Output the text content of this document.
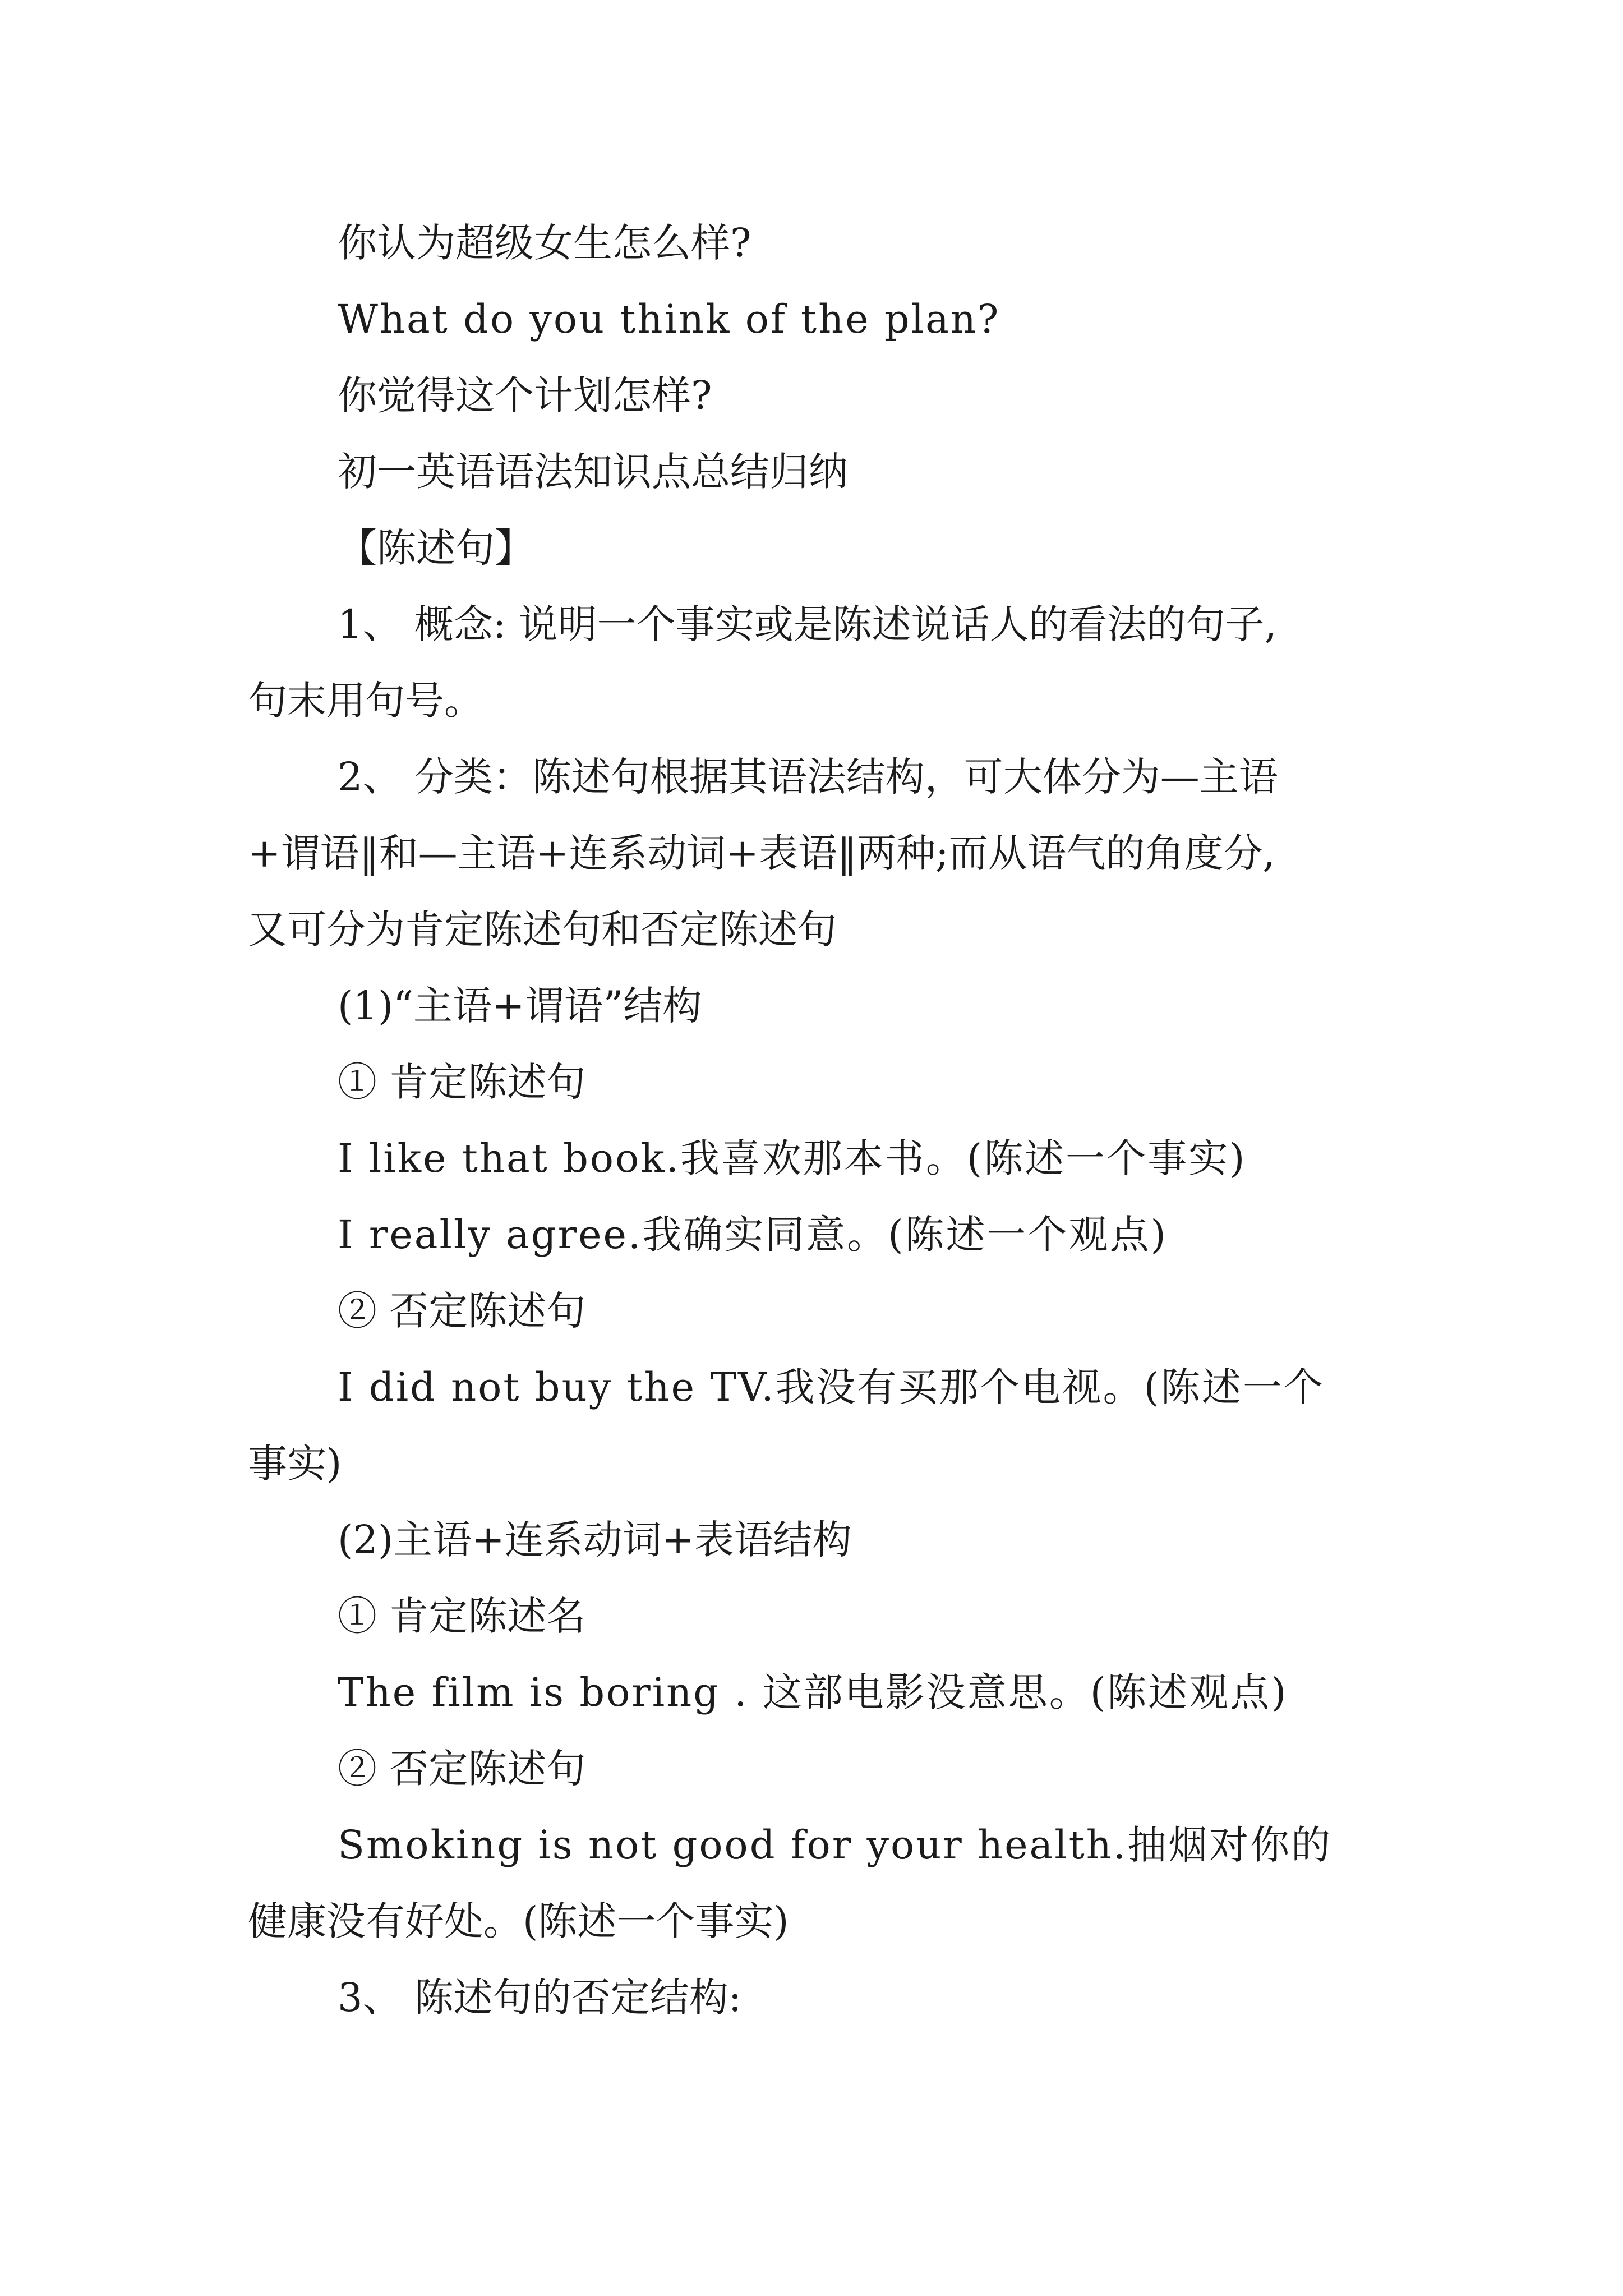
你认为超级女生怎么样?
What do you think of the plan?
你觉得这个计划怎样?
初一英语语法知识点总结归纳
【陈述句】
1、 概念: 说明一个事实或是陈述说话人的看法的句子,
句末用句号。
2、 分类：陈述句根据其语法结构，可大体分为—主语
+谓语‖和—主语+连系动词+表语‖两种;而从语气的角度分,
又可分为肯定陈述句和否定陈述句
(1)“主语+谓语”结构
① 肯定陈述句
I like that book.我喜欢那本书。(陈述一个事实)
I really agree.我确实同意。(陈述一个观点)
② 否定陈述句
I did not buy the TV.我没有买那个电视。(陈述一个
事实)
(2)主语+连系动词+表语结构
① 肯定陈述名
The film is boring . 这部电影没意思。(陈述观点)
② 否定陈述句
Smoking is not good for your health.抽烟对你的
健康没有好处。(陈述一个事实)
3、 陈述句的否定结构:
